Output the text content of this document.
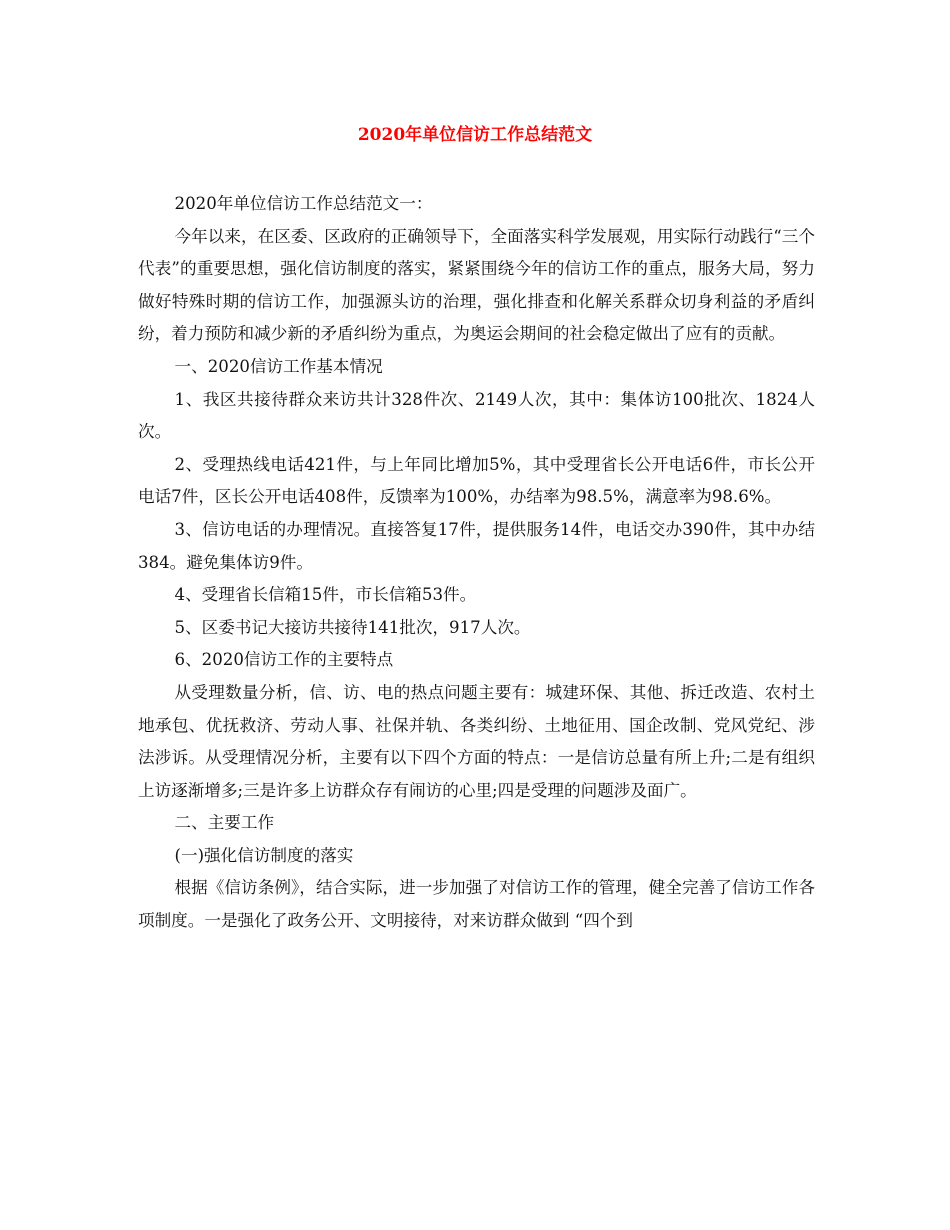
2020年单位信访工作总结范文

2020年单位信访工作总结范文一：

今年以来，在区委、区政府的正确领导下，全面落实科学发展观，用实际行动践行“三个代表”的重要思想，强化信访制度的落实，紧紧围绕今年的信访工作的重点，服务大局，努力做好特殊时期的信访工作，加强源头访的治理，强化排查和化解关系群众切身利益的矛盾纠纷，着力预防和减少新的矛盾纠纷为重点，为奥运会期间的社会稳定做出了应有的贡献。

一、2020信访工作基本情况

1、我区共接待群众来访共计328件次、2149人次，其中：集体访100批次、1824人次。

2、受理热线电话421件，与上年同比增加5%，其中受理省长公开电话6件，市长公开电话7件，区长公开电话408件，反馈率为100%，办结率为98.5%，满意率为98.6%。

3、信访电话的办理情况。直接答复17件，提供服务14件，电话交办390件，其中办结384。避免集体访9件。

4、受理省长信箱15件，市长信箱53件。

5、区委书记大接访共接待141批次，917人次。

6、2020信访工作的主要特点

从受理数量分析，信、访、电的热点问题主要有：城建环保、其他、拆迁改造、农村土地承包、优抚救济、劳动人事、社保并轨、各类纠纷、土地征用、国企改制、党风党纪、涉法涉诉。从受理情况分析，主要有以下四个方面的特点：一是信访总量有所上升;二是有组织上访逐渐增多;三是许多上访群众存有闹访的心里;四是受理的问题涉及面广。

二、主要工作

(一)强化信访制度的落实

根据《信访条例》，结合实际，进一步加强了对信访工作的管理，健全完善了信访工作各项制度。一是强化了政务公开、文明接待，对来访群众做到 “四个到
